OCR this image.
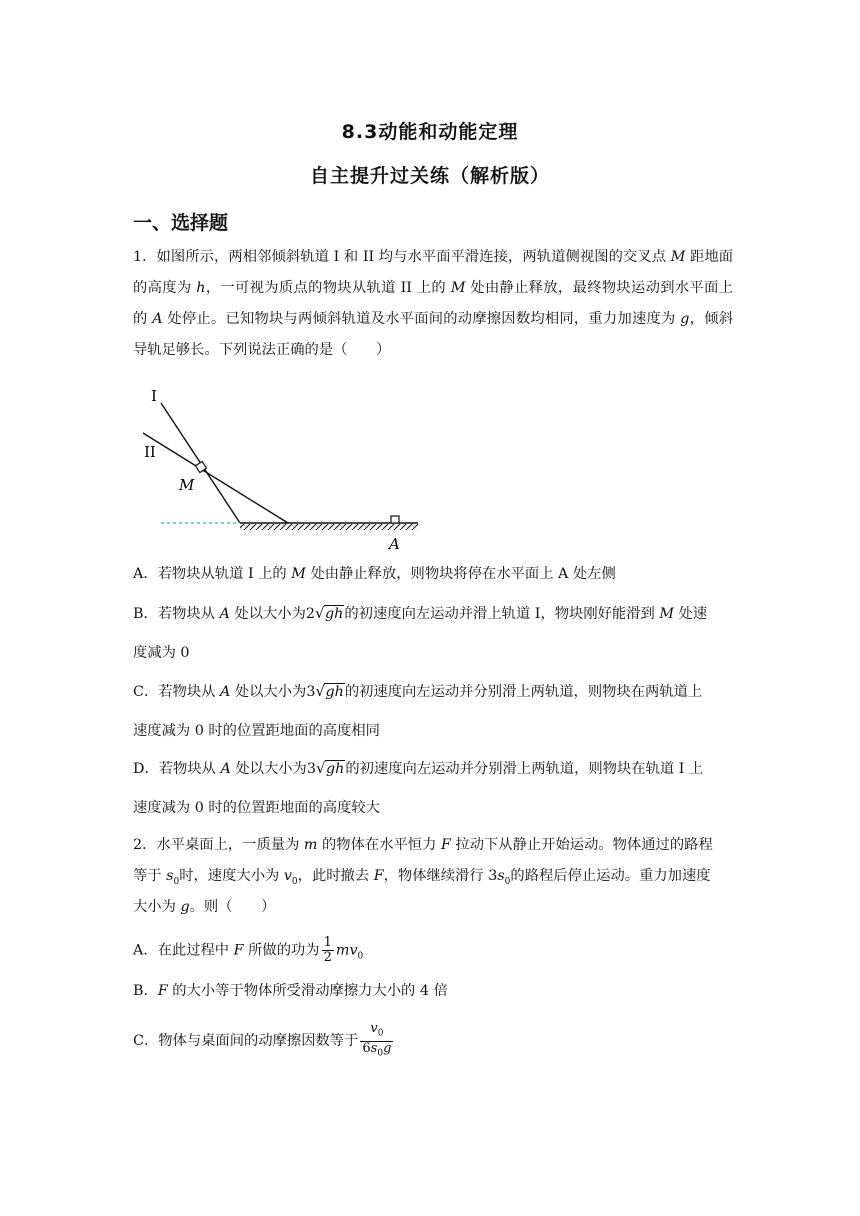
8.3动能和动能定理
自主提升过关练（解析版）
一、选择题
1．如图所示，两相邻倾斜轨道 I 和 II 均与水平面平滑连接，两轨道侧视图的交叉点 M 距地面的高度为 h，一可视为质点的物块从轨道 II 上的 M 处由静止释放，最终物块运动到水平面上的 A 处停止。已知物块与两倾斜轨道及水平面间的动摩擦因数均相同，重力加速度为 g，倾斜导轨足够长。下列说法正确的是（　　）
I
II
M
A
A．若物块从轨道 I 上的 M 处由静止释放，则物块将停在水平面上 A 处左侧
B．若物块从 A 处以大小为2 √ gh的初速度向左运动并滑上轨道 I，物块刚好能滑到 M 处速
度减为 0
C．若物块从 A 处以大小为3 √ gh的初速度向左运动并分别滑上两轨道，则物块在两轨道上
速度减为 0 时的位置距地面的高度相同
D．若物块从 A 处以大小为3 √ gh的初速度向左运动并分别滑上两轨道，则物块在轨道 I 上
速度减为 0 时的位置距地面的高度较大
2．水平桌面上，一质量为 m 的物体在水平恒力 F 拉动下从静止开始运动。物体通过的路程
等于 $s_0$时，速度大小为 $v_0$，此时撤去 F，物体继续滑行 $3s_0$的路程后停止运动。重力加速度
大小为 g。则（　　）
A．在此过程中 F 所做的功为 $\frac{1}{2} mv_0$
B．F 的大小等于物体所受滑动摩擦力大小的 4 倍
C．物体与桌面间的动摩擦因数等于 $\frac{v_0}{6s_0g}$
